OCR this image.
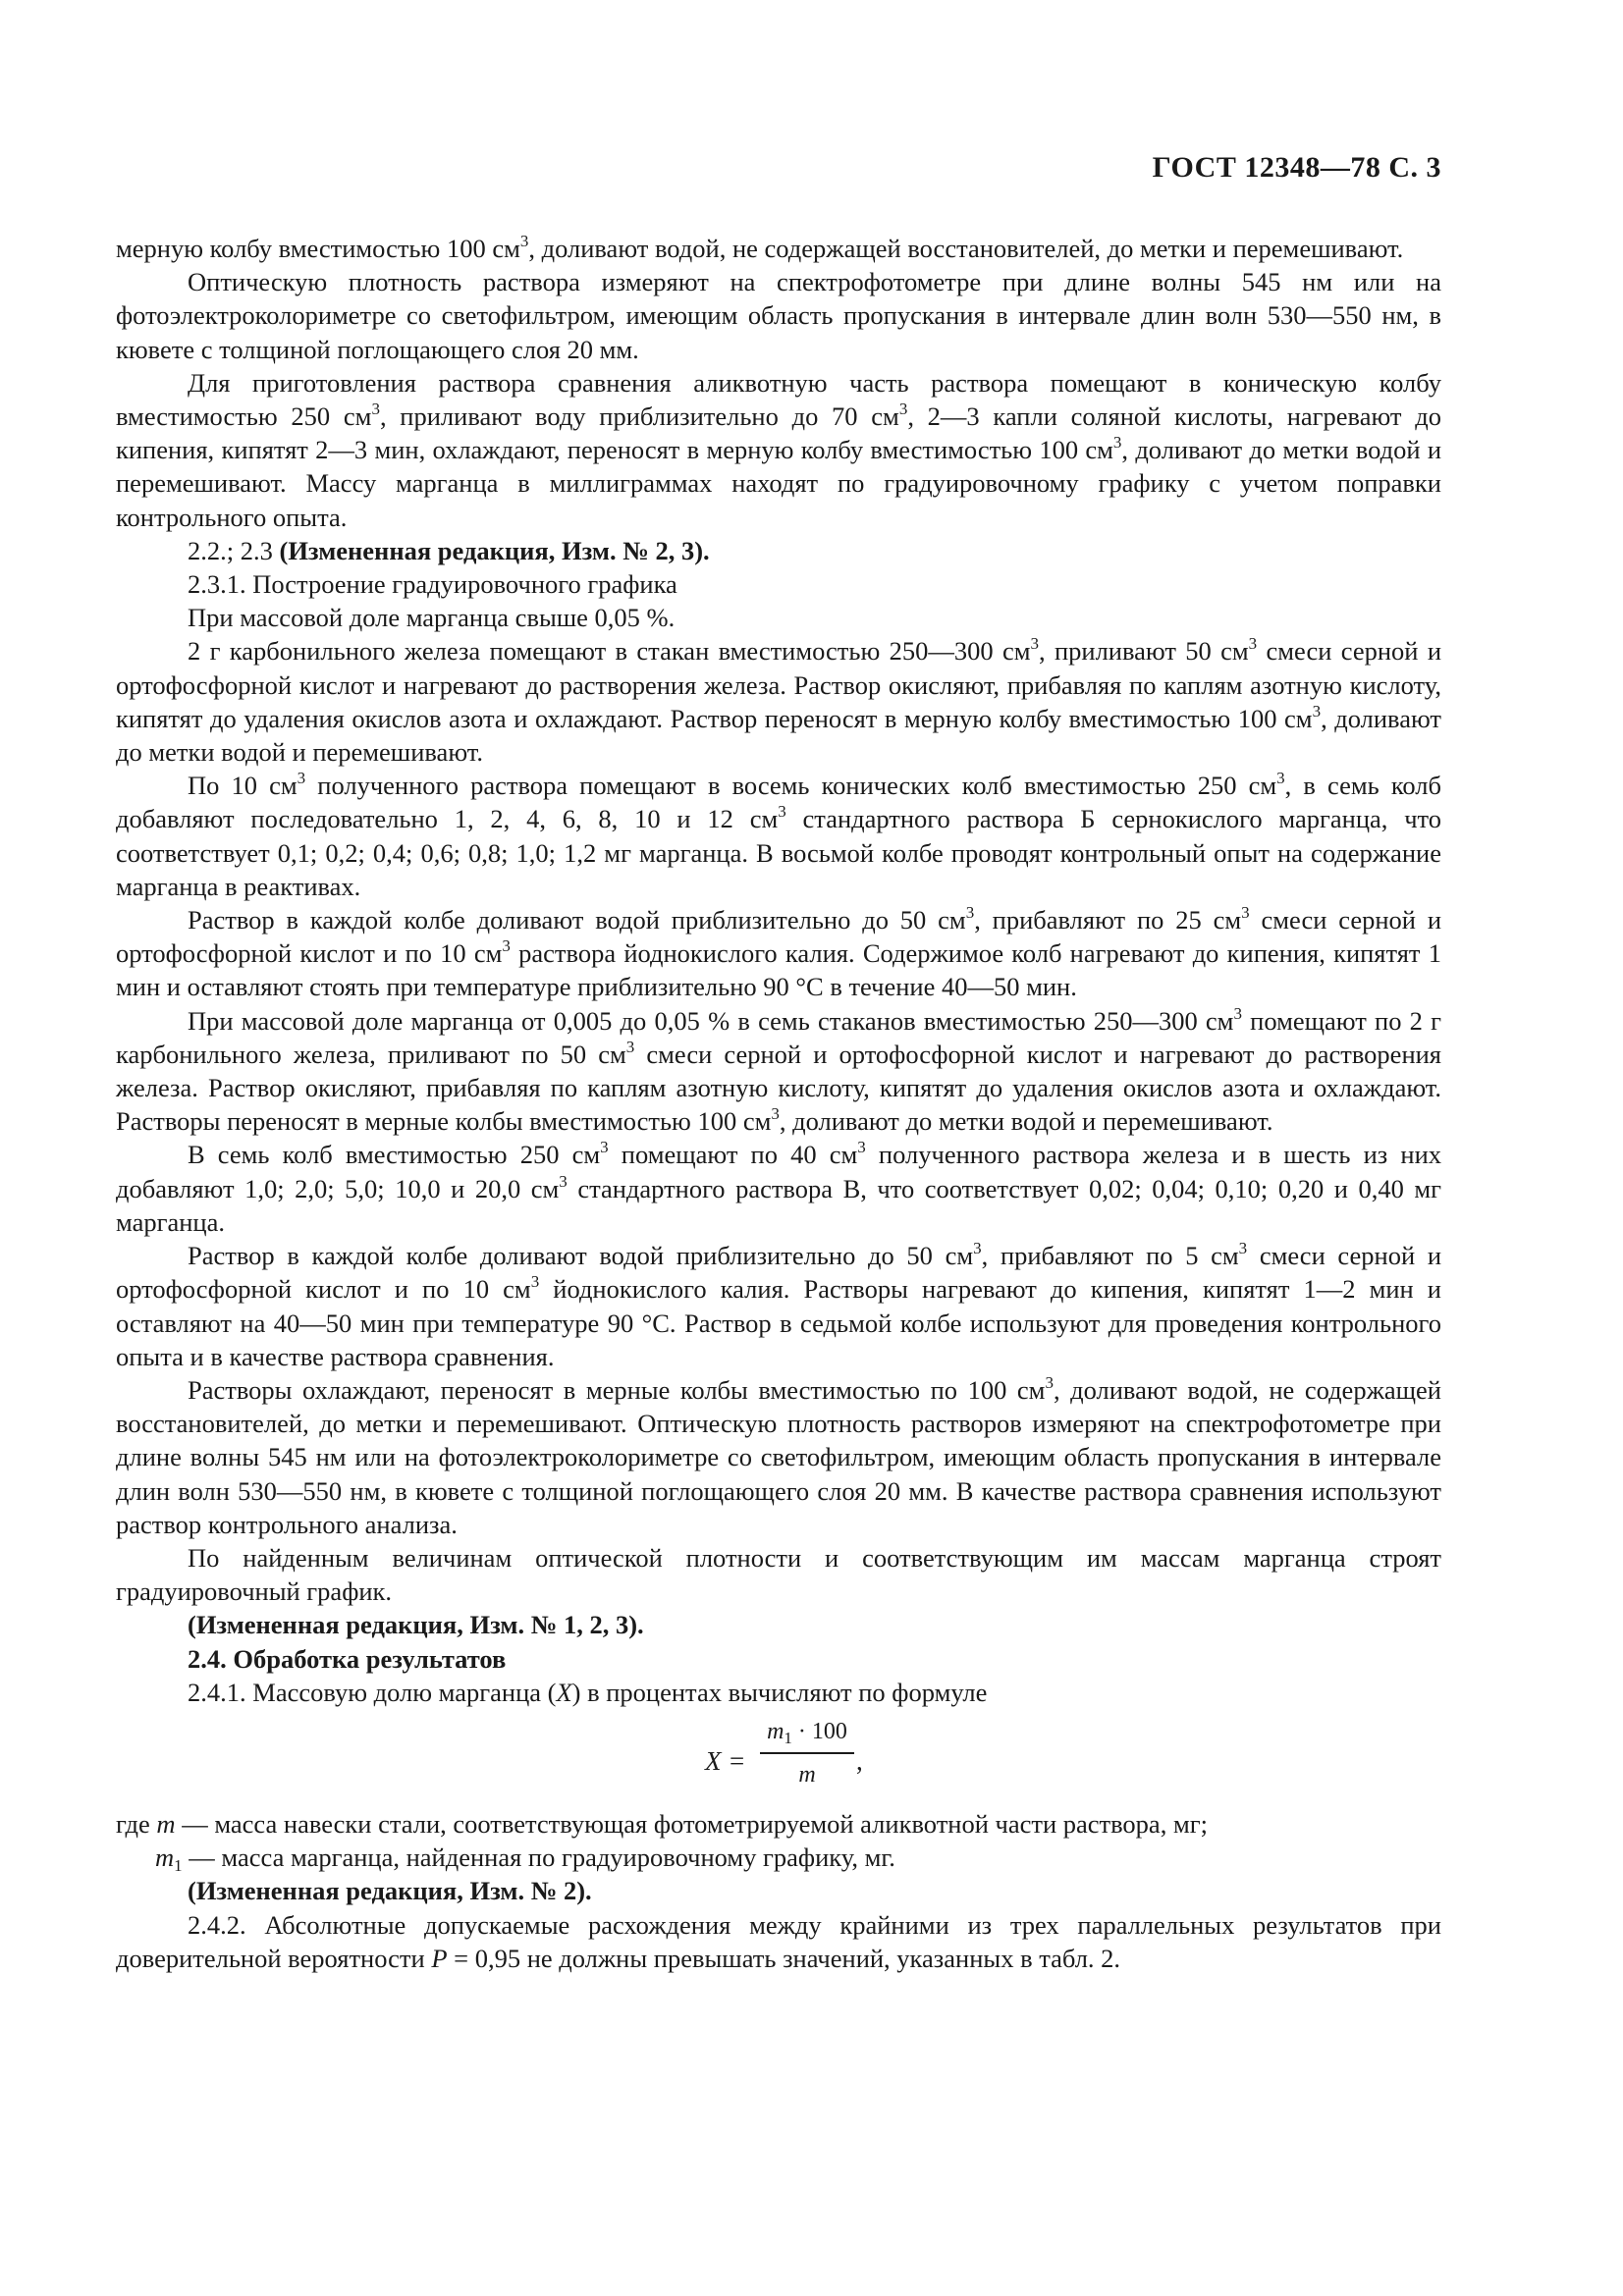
ГОСТ 12348—78 С. 3

мерную колбу вместимостью 100 $см^3$, доливают водой, не содержащей восстановителей, до метки и перемешивают.

Оптическую плотность раствора измеряют на спектрофотометре при длине волны 545 нм или на фотоэлектроколориметре со светофильтром, имеющим область пропускания в интервале длин волн 530—550 нм, в кювете с толщиной поглощающего слоя 20 мм.

Для приготовления раствора сравнения аликвотную часть раствора помещают в коническую колбу вместимостью 250 $см^3$, приливают воду приблизительно до 70 $см^3$, 2—3 капли соляной кислоты, нагревают до кипения, кипятят 2—3 мин, охлаждают, переносят в мерную колбу вместимостью 100 $см^3$, доливают до метки водой и перемешивают. Массу марганца в миллиграммах находят по градуировочному графику с учетом поправки контрольного опыта.

2.2.; 2.3 (Измененная редакция, Изм. № 2, 3).

2.3.1. Построение градуировочного графика

При массовой доле марганца свыше 0,05 %.

2 г карбонильного железа помещают в стакан вместимостью 250—300 $см^3$, приливают 50 $см^3$ смеси серной и ортофосфорной кислот и нагревают до растворения железа. Раствор окисляют, прибавляя по каплям азотную кислоту, кипятят до удаления окислов азота и охлаждают. Раствор переносят в мерную колбу вместимостью 100 $см^3$, доливают до метки водой и перемешивают.

По 10 $см^3$ полученного раствора помещают в восемь конических колб вместимостью 250 $см^3$, в семь колб добавляют последовательно 1, 2, 4, 6, 8, 10 и 12 $см^3$ стандартного раствора Б сернокислого марганца, что соответствует 0,1; 0,2; 0,4; 0,6; 0,8; 1,0; 1,2 мг марганца. В восьмой колбе проводят контрольный опыт на содержание марганца в реактивах.

Раствор в каждой колбе доливают водой приблизительно до 50 $см^3$, прибавляют по 25 $см^3$ смеси серной и ортофосфорной кислот и по 10 $см^3$ раствора йоднокислого калия. Содержимое колб нагревают до кипения, кипятят 1 мин и оставляют стоять при температуре приблизительно 90 °С в течение 40—50 мин.

При массовой доле марганца от 0,005 до 0,05 % в семь стаканов вместимостью 250—300 $см^3$ помещают по 2 г карбонильного железа, приливают по 50 $см^3$ смеси серной и ортофосфорной кислот и нагревают до растворения железа. Раствор окисляют, прибавляя по каплям азотную кислоту, кипятят до удаления окислов азота и охлаждают. Растворы переносят в мерные колбы вместимостью 100 $см^3$, доливают до метки водой и перемешивают.

В семь колб вместимостью 250 $см^3$ помещают по 40 $см^3$ полученного раствора железа и в шесть из них добавляют 1,0; 2,0; 5,0; 10,0 и 20,0 $см^3$ стандартного раствора В, что соответствует 0,02; 0,04; 0,10; 0,20 и 0,40 мг марганца.

Раствор в каждой колбе доливают водой приблизительно до 50 $см^3$, прибавляют по 5 $см^3$ смеси серной и ортофосфорной кислот и по 10 $см^3$ йоднокислого калия. Растворы нагревают до кипения, кипятят 1—2 мин и оставляют на 40—50 мин при температуре 90 °С. Раствор в седьмой колбе используют для проведения контрольного опыта и в качестве раствора сравнения.

Растворы охлаждают, переносят в мерные колбы вместимостью по 100 $см^3$, доливают водой, не содержащей восстановителей, до метки и перемешивают. Оптическую плотность растворов измеряют на спектрофотометре при длине волны 545 нм или на фотоэлектроколориметре со светофильтром, имеющим область пропускания в интервале длин волн 530—550 нм, в кювете с толщиной поглощающего слоя 20 мм. В качестве раствора сравнения используют раствор контрольного анализа.

По найденным величинам оптической плотности и соответствующим им массам марганца строят градуировочный график.

(Измененная редакция, Изм. № 1, 2, 3).

2.4. Обработка результатов

2.4.1. Массовую долю марганца (X) в процентах вычисляют по формуле

X =
$m_1 \cdot 100$
m	,

где m — масса навески стали, соответствующая фотометрируемой аликвотной части раствора, мг;

$m_1$ — масса марганца, найденная по градуировочному графику, мг.

(Измененная редакция, Изм. № 2).

2.4.2. Абсолютные допускаемые расхождения между крайними из трех параллельных результатов при доверительной вероятности P = 0,95 не должны превышать значений, указанных в табл. 2.
